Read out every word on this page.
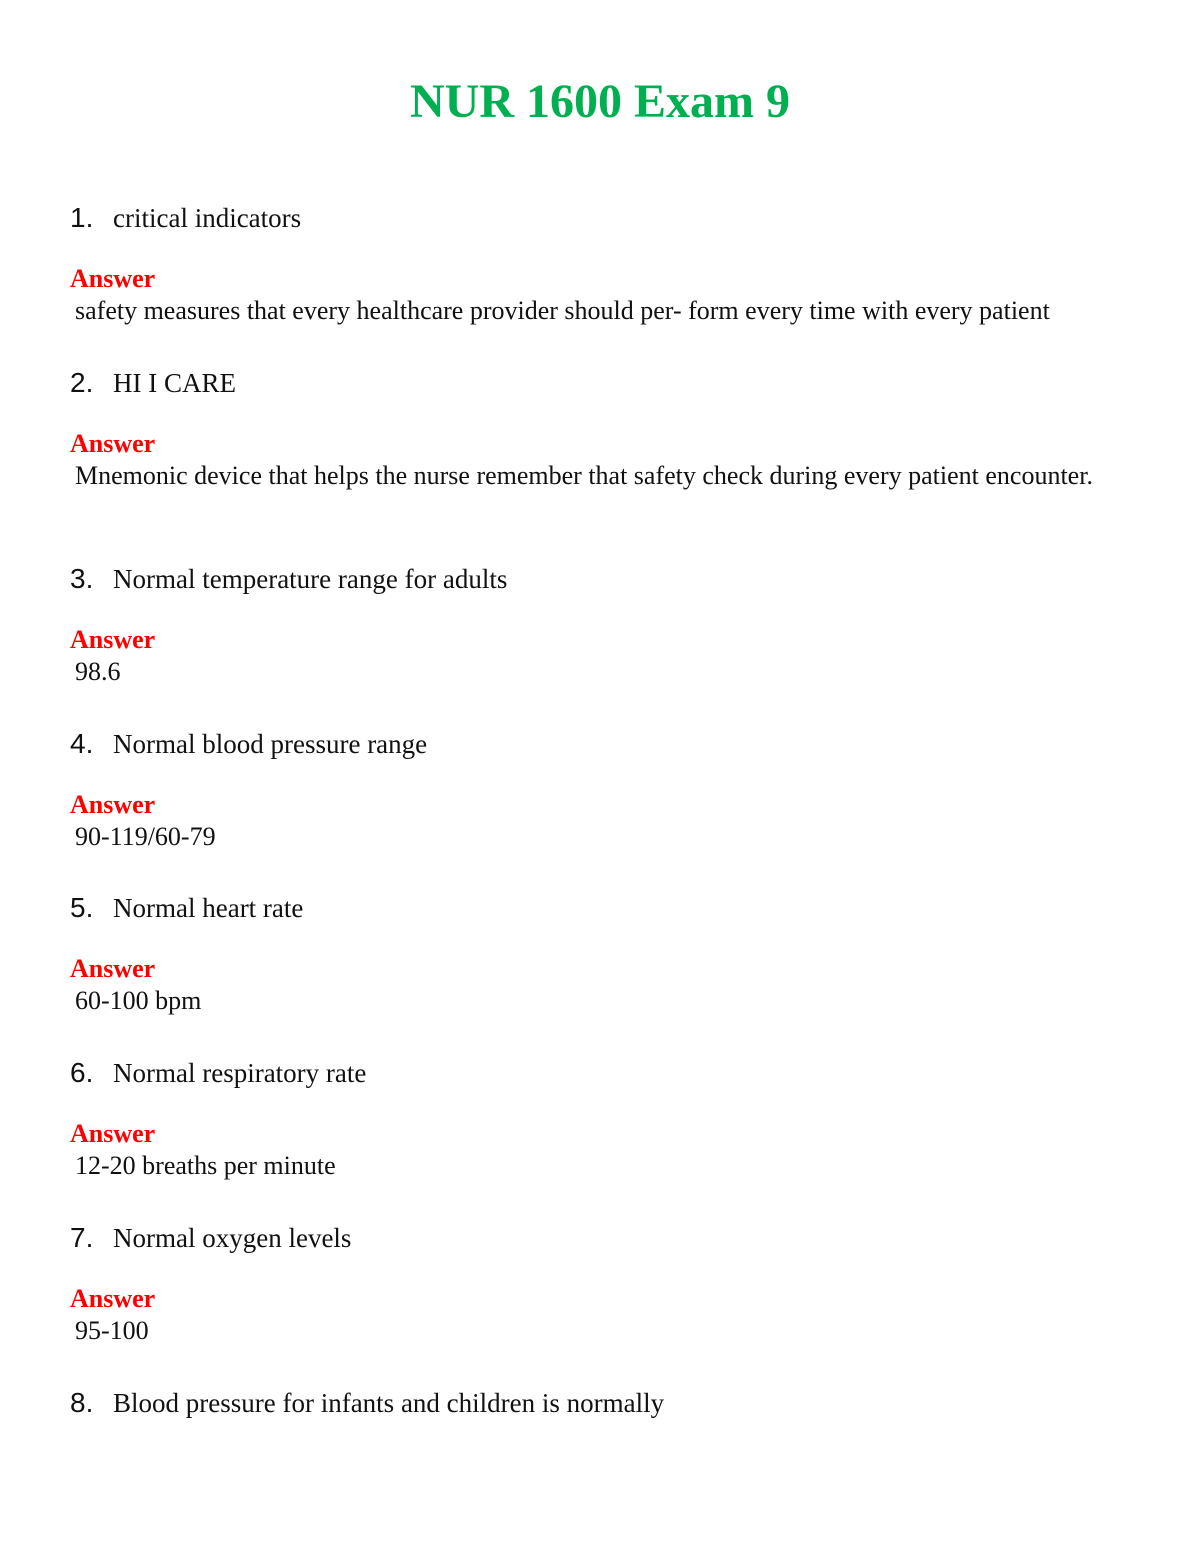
NUR 1600 Exam 9

1. critical indicators

Answer

safety measures that every healthcare provider should per- form every time with every patient

2. HI I CARE

Answer

Mnemonic device that helps the nurse remember that safety check during every patient encounter.

3. Normal temperature range for adults

Answer

98.6

4. Normal blood pressure range

Answer

90-119/60-79

5. Normal heart rate

Answer

60-100 bpm

6. Normal respiratory rate

Answer

12-20 breaths per minute

7. Normal oxygen levels

Answer

95-100

8. Blood pressure for infants and children is normally
